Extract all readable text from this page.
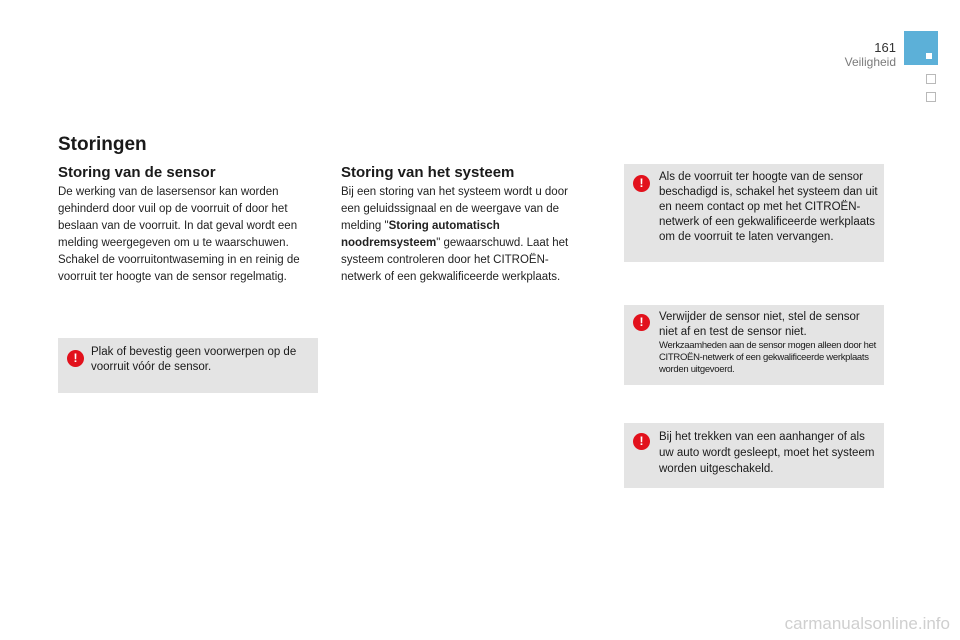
161
Veiligheid
Storingen
Storing van de sensor

De werking van de lasersensor kan worden gehinderd door vuil op de voorruit of door het beslaan van de voorruit. In dat geval wordt een melding weergegeven om u te waarschuwen. Schakel de voorruitontwaseming in en reinig de voorruit ter hoogte van de sensor regelmatig.

!	Plak of bevestig geen voorwerpen op de voorruit vóór de sensor.

Storing van het systeem

Bij een storing van het systeem wordt u door een geluidssignaal en de weergave van de melding "Storing automatisch noodremsysteem" gewaarschuwd. Laat het systeem controleren door het CITROËN-netwerk of een gekwalificeerde werkplaats.

!	Als de voorruit ter hoogte van de sensor beschadigd is, schakel het systeem dan uit en neem contact op met het CITROËN-netwerk of een gekwalificeerde werkplaats om de voorruit te laten vervangen.

!	Verwijder de sensor niet, stel de sensor niet af en test de sensor niet.
Werkzaamheden aan de sensor mogen alleen door het CITROËN-netwerk of een gekwalificeerde werkplaats worden uitgevoerd.

!	Bij het trekken van een aanhanger of als uw auto wordt gesleept, moet het systeem worden uitgeschakeld.

carmanualsonline.info
